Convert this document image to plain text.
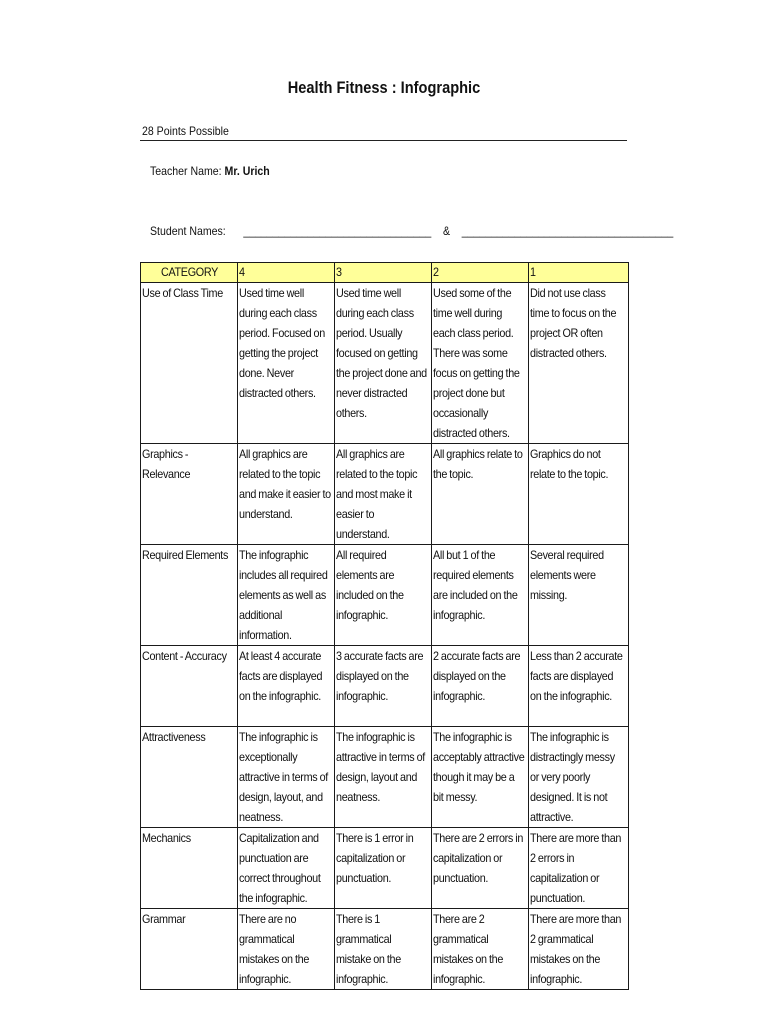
Health Fitness : Infographic
28 Points Possible
Teacher Name: Mr. Urich
Student Names:      ________________________________    &    ____________________________________
CATEGORY	4	3	2	1

Use of Class Time	Used time well during each class period. Focused on getting the project done. Never distracted others.	Used time well during each class period. Usually focused on getting the project done and never distracted others.	Used some of the time well during each class period. There was some focus on getting the project done but occasionally distracted others.	Did not use class time to focus on the project OR often distracted others.

Graphics - Relevance	All graphics are related to the topic and make it easier to understand.	All graphics are related to the topic and most make it easier to understand.	All graphics relate to the topic.	Graphics do not relate to the topic.

Required Elements	The infographic includes all required elements as well as additional information.	All required elements are included on the infographic.	All but 1 of the required elements are included on the infographic.	Several required elements were missing.

Content - Accuracy	At least 4 accurate facts are displayed on the infographic.	3 accurate facts are displayed on the infographic.	2 accurate facts are displayed on the infographic.	Less than 2 accurate facts are displayed on the infographic.

Attractiveness	The infographic is exceptionally attractive in terms of design, layout, and neatness.	The infographic is attractive in terms of design, layout and neatness.	The infographic is acceptably attractive though it may be a bit messy.	The infographic is distractingly messy or very poorly designed. It is not attractive.

Mechanics	Capitalization and punctuation are correct throughout the infographic.	There is 1 error in capitalization or punctuation.	There are 2 errors in capitalization or punctuation.	There are more than 2 errors in capitalization or punctuation.

Grammar	There are no grammatical mistakes on the infographic.	There is 1 grammatical mistake on the infographic.	There are 2 grammatical mistakes on the infographic.	There are more than 2 grammatical mistakes on the infographic.
